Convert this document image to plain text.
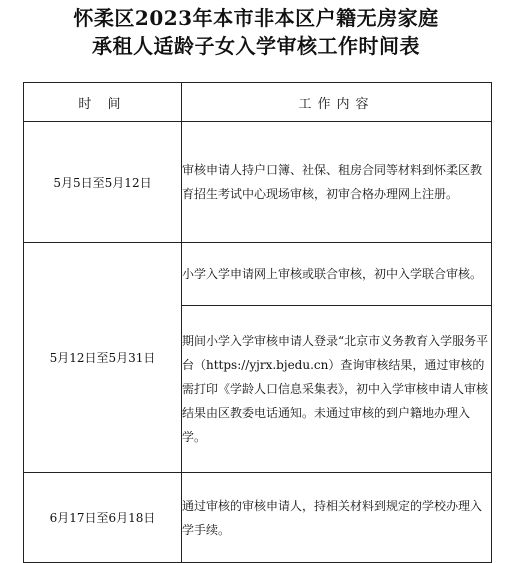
怀柔区2023年本市非本区户籍无房家庭
承租人适龄子女入学审核工作时间表
时 间	工作内容
5月5日至5月12日	审核申请人持户口簿、社保、租房合同等材料到怀柔区教育招生考试中心现场审核，初审合格办理网上注册。
5月12日至5月31日	小学入学申请网上审核或联合审核，初中入学联合审核。
	期间小学入学审核申请人登录“北京市义务教育入学服务平台（https://yjrx.bjedu.cn）查询审核结果，通过审核的需打印《学龄人口信息采集表》，初中入学审核申请人审核结果由区教委电话通知。未通过审核的到户籍地办理入学。
6月17日至6月18日	通过审核的审核申请人，持相关材料到规定的学校办理入学手续。
